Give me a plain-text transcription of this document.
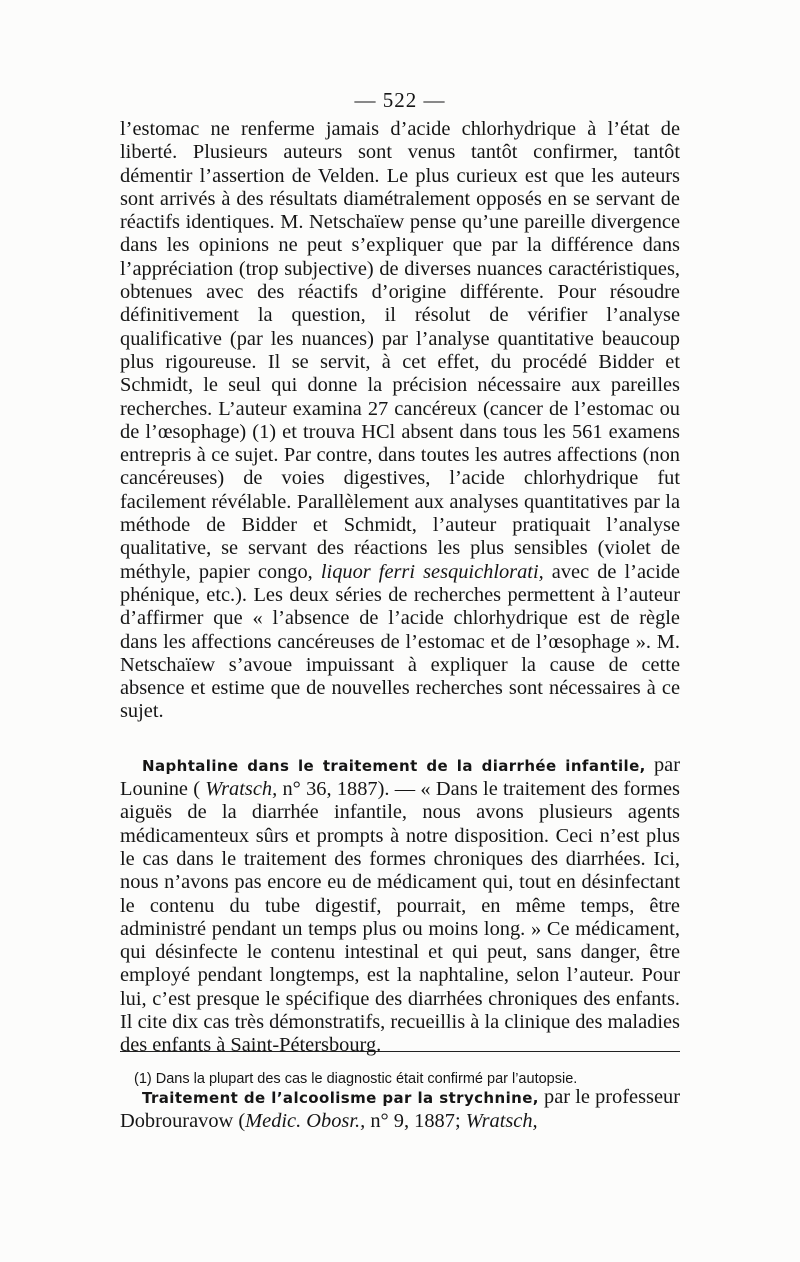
— 522 —

l’estomac ne renferme jamais d’acide chlorhydrique à l’état de liberté. Plusieurs auteurs sont venus tantôt confirmer, tantôt démentir l’assertion de Velden. Le plus curieux est que les auteurs sont arrivés à des résultats diamétralement opposés en se servant de réactifs identiques. M. Netschaïew pense qu’une pareille divergence dans les opinions ne peut s’expliquer que par la différence dans l’appréciation (trop subjective) de diverses nuances caractéristiques, obtenues avec des réactifs d’origine différente. Pour résoudre définitivement la question, il résolut de vérifier l’analyse qualificative (par les nuances) par l’analyse quantitative beaucoup plus rigoureuse. Il se servit, à cet effet, du procédé Bidder et Schmidt, le seul qui donne la précision nécessaire aux pareilles recherches. L’auteur examina 27 cancéreux (cancer de l’estomac ou de l’œsophage) (1) et trouva HCl absent dans tous les 561 examens entrepris à ce sujet. Par contre, dans toutes les autres affections (non cancéreuses) de voies digestives, l’acide chlorhydrique fut facilement révélable. Parallèlement aux analyses quantitatives par la méthode de Bidder et Schmidt, l’auteur pratiquait l’analyse qualitative, se servant des réactions les plus sensibles (violet de méthyle, papier congo, liquor ferri sesquichlorati, avec de l’acide phénique, etc.). Les deux séries de recherches permettent à l’auteur d’affirmer que « l’absence de l’acide chlorhydrique est de règle dans les affections cancéreuses de l’estomac et de l’œsophage ». M. Netschaïew s’avoue impuissant à expliquer la cause de cette absence et estime que de nouvelles recherches sont nécessaires à ce sujet.

Naphtaline dans le traitement de la diarrhée infantile, par Lounine ( Wratsch, n° 36, 1887). — « Dans le traitement des formes aiguës de la diarrhée infantile, nous avons plusieurs agents médicamenteux sûrs et prompts à notre disposition. Ceci n’est plus le cas dans le traitement des formes chroniques des diarrhées. Ici, nous n’avons pas encore eu de médicament qui, tout en désinfectant le contenu du tube digestif, pourrait, en même temps, être administré pendant un temps plus ou moins long. » Ce médicament, qui désinfecte le contenu intestinal et qui peut, sans danger, être employé pendant longtemps, est la naphtaline, selon l’auteur. Pour lui, c’est presque le spécifique des diarrhées chroniques des enfants. Il cite dix cas très démonstratifs, recueillis à la clinique des maladies des enfants à Saint-Pétersbourg.

Traitement de l’alcoolisme par la strychnine, par le professeur Dobrouravow (Medic. Obosr., n° 9, 1887; Wratsch,

(1) Dans la plupart des cas le diagnostic était confirmé par l’autopsie.
